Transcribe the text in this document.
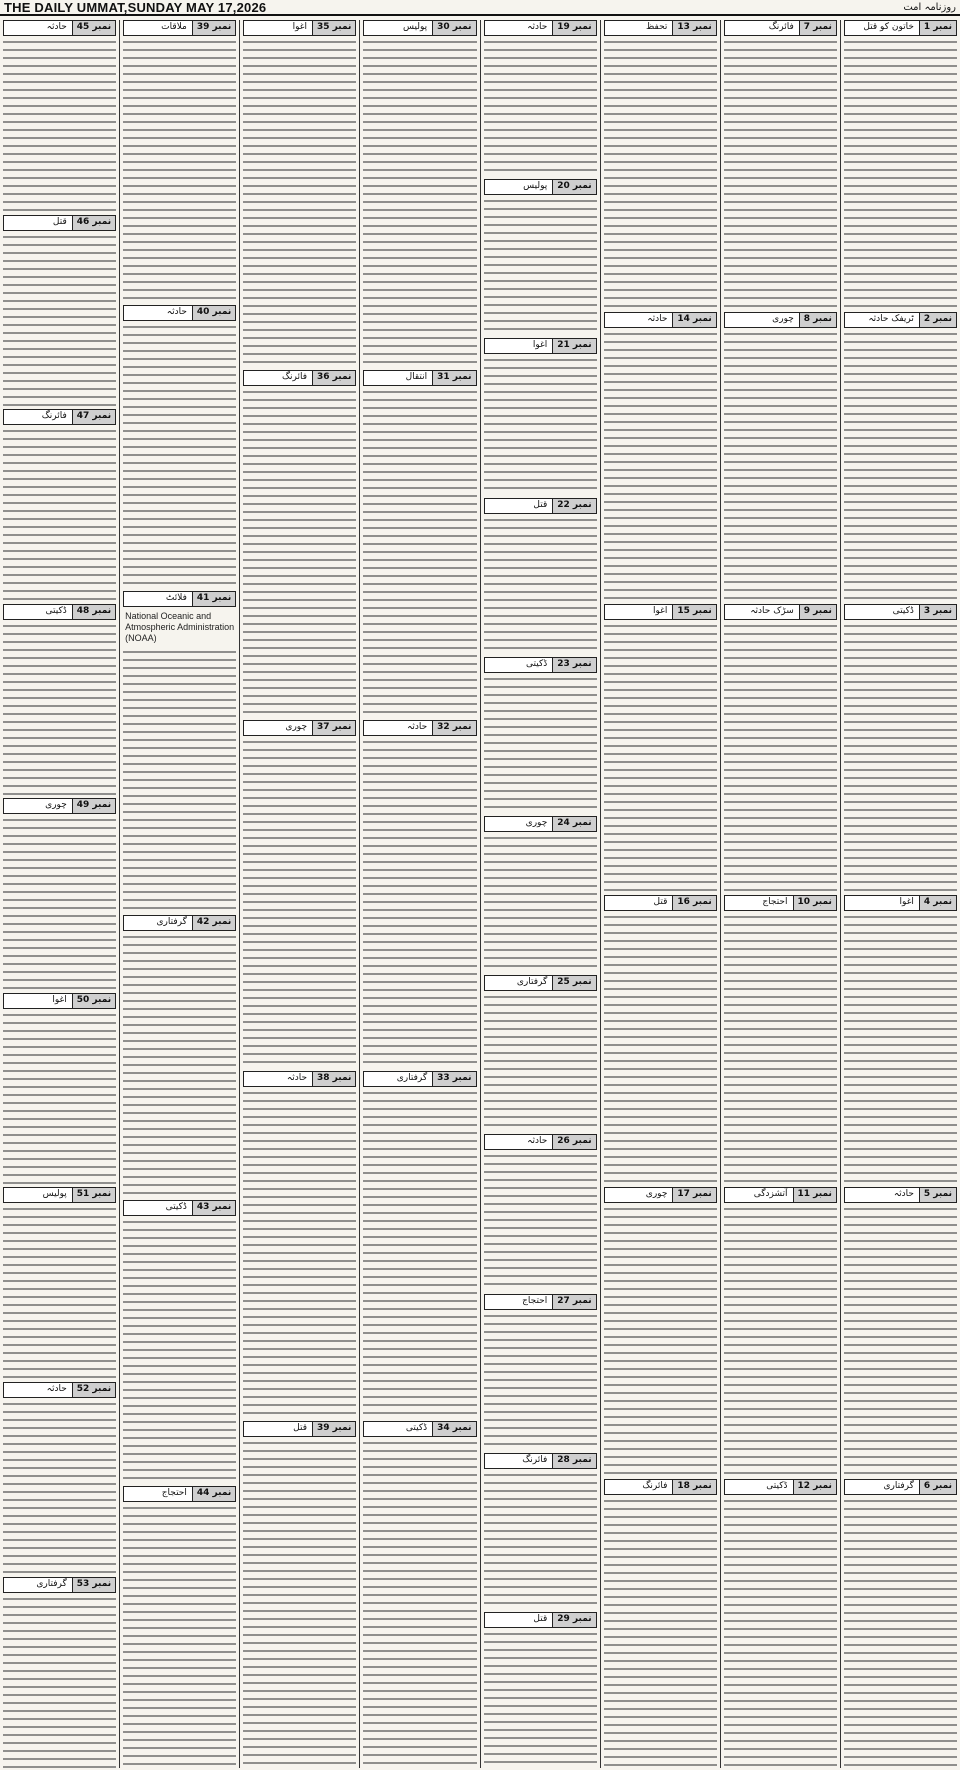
THE DAILY UMMAT,SUNDAY MAY 17,2026	روزنامہ امت
نمبر 1
خاتون کو قتل
نمبر 2
ٹریفک حادثہ
نمبر 3
ڈکیتی
نمبر 4
اغوا
نمبر 5
حادثہ
نمبر 6
گرفتاری
نمبر 7
فائرنگ
نمبر 8
چوری
نمبر 9
سڑک حادثہ
نمبر 10
احتجاج
نمبر 11
آتشزدگی
نمبر 12
ڈکیتی
نمبر 13
تحفظ
نمبر 14
حادثہ
نمبر 15
اغوا
نمبر 16
قتل
نمبر 17
چوری
نمبر 18
فائرنگ
نمبر 19
حادثہ
نمبر 20
پولیس
نمبر 21
اغوا
نمبر 22
قتل
نمبر 23
ڈکیتی
نمبر 24
چوری
نمبر 25
گرفتاری
نمبر 26
حادثہ
نمبر 27
احتجاج
نمبر 28
فائرنگ
نمبر 29
قتل
نمبر 30
پولیس
نمبر 31
انتقال
نمبر 32
حادثہ
نمبر 33
گرفتاری
نمبر 34
ڈکیتی
نمبر 35
اغوا
نمبر 36
فائرنگ
نمبر 37
چوری
نمبر 38
حادثہ
نمبر 39
قتل
نمبر 39
ملاقات
نمبر 40
حادثہ
نمبر 41
فلائٹ
National Oceanic and Atmospheric Administration (NOAA)
نمبر 42
گرفتاری
نمبر 43
ڈکیتی
نمبر 44
احتجاج
نمبر 45
حادثہ
نمبر 46
قتل
نمبر 47
فائرنگ
نمبر 48
ڈکیتی
نمبر 49
چوری
نمبر 50
اغوا
نمبر 51
پولیس
نمبر 52
حادثہ
نمبر 53
گرفتاری
